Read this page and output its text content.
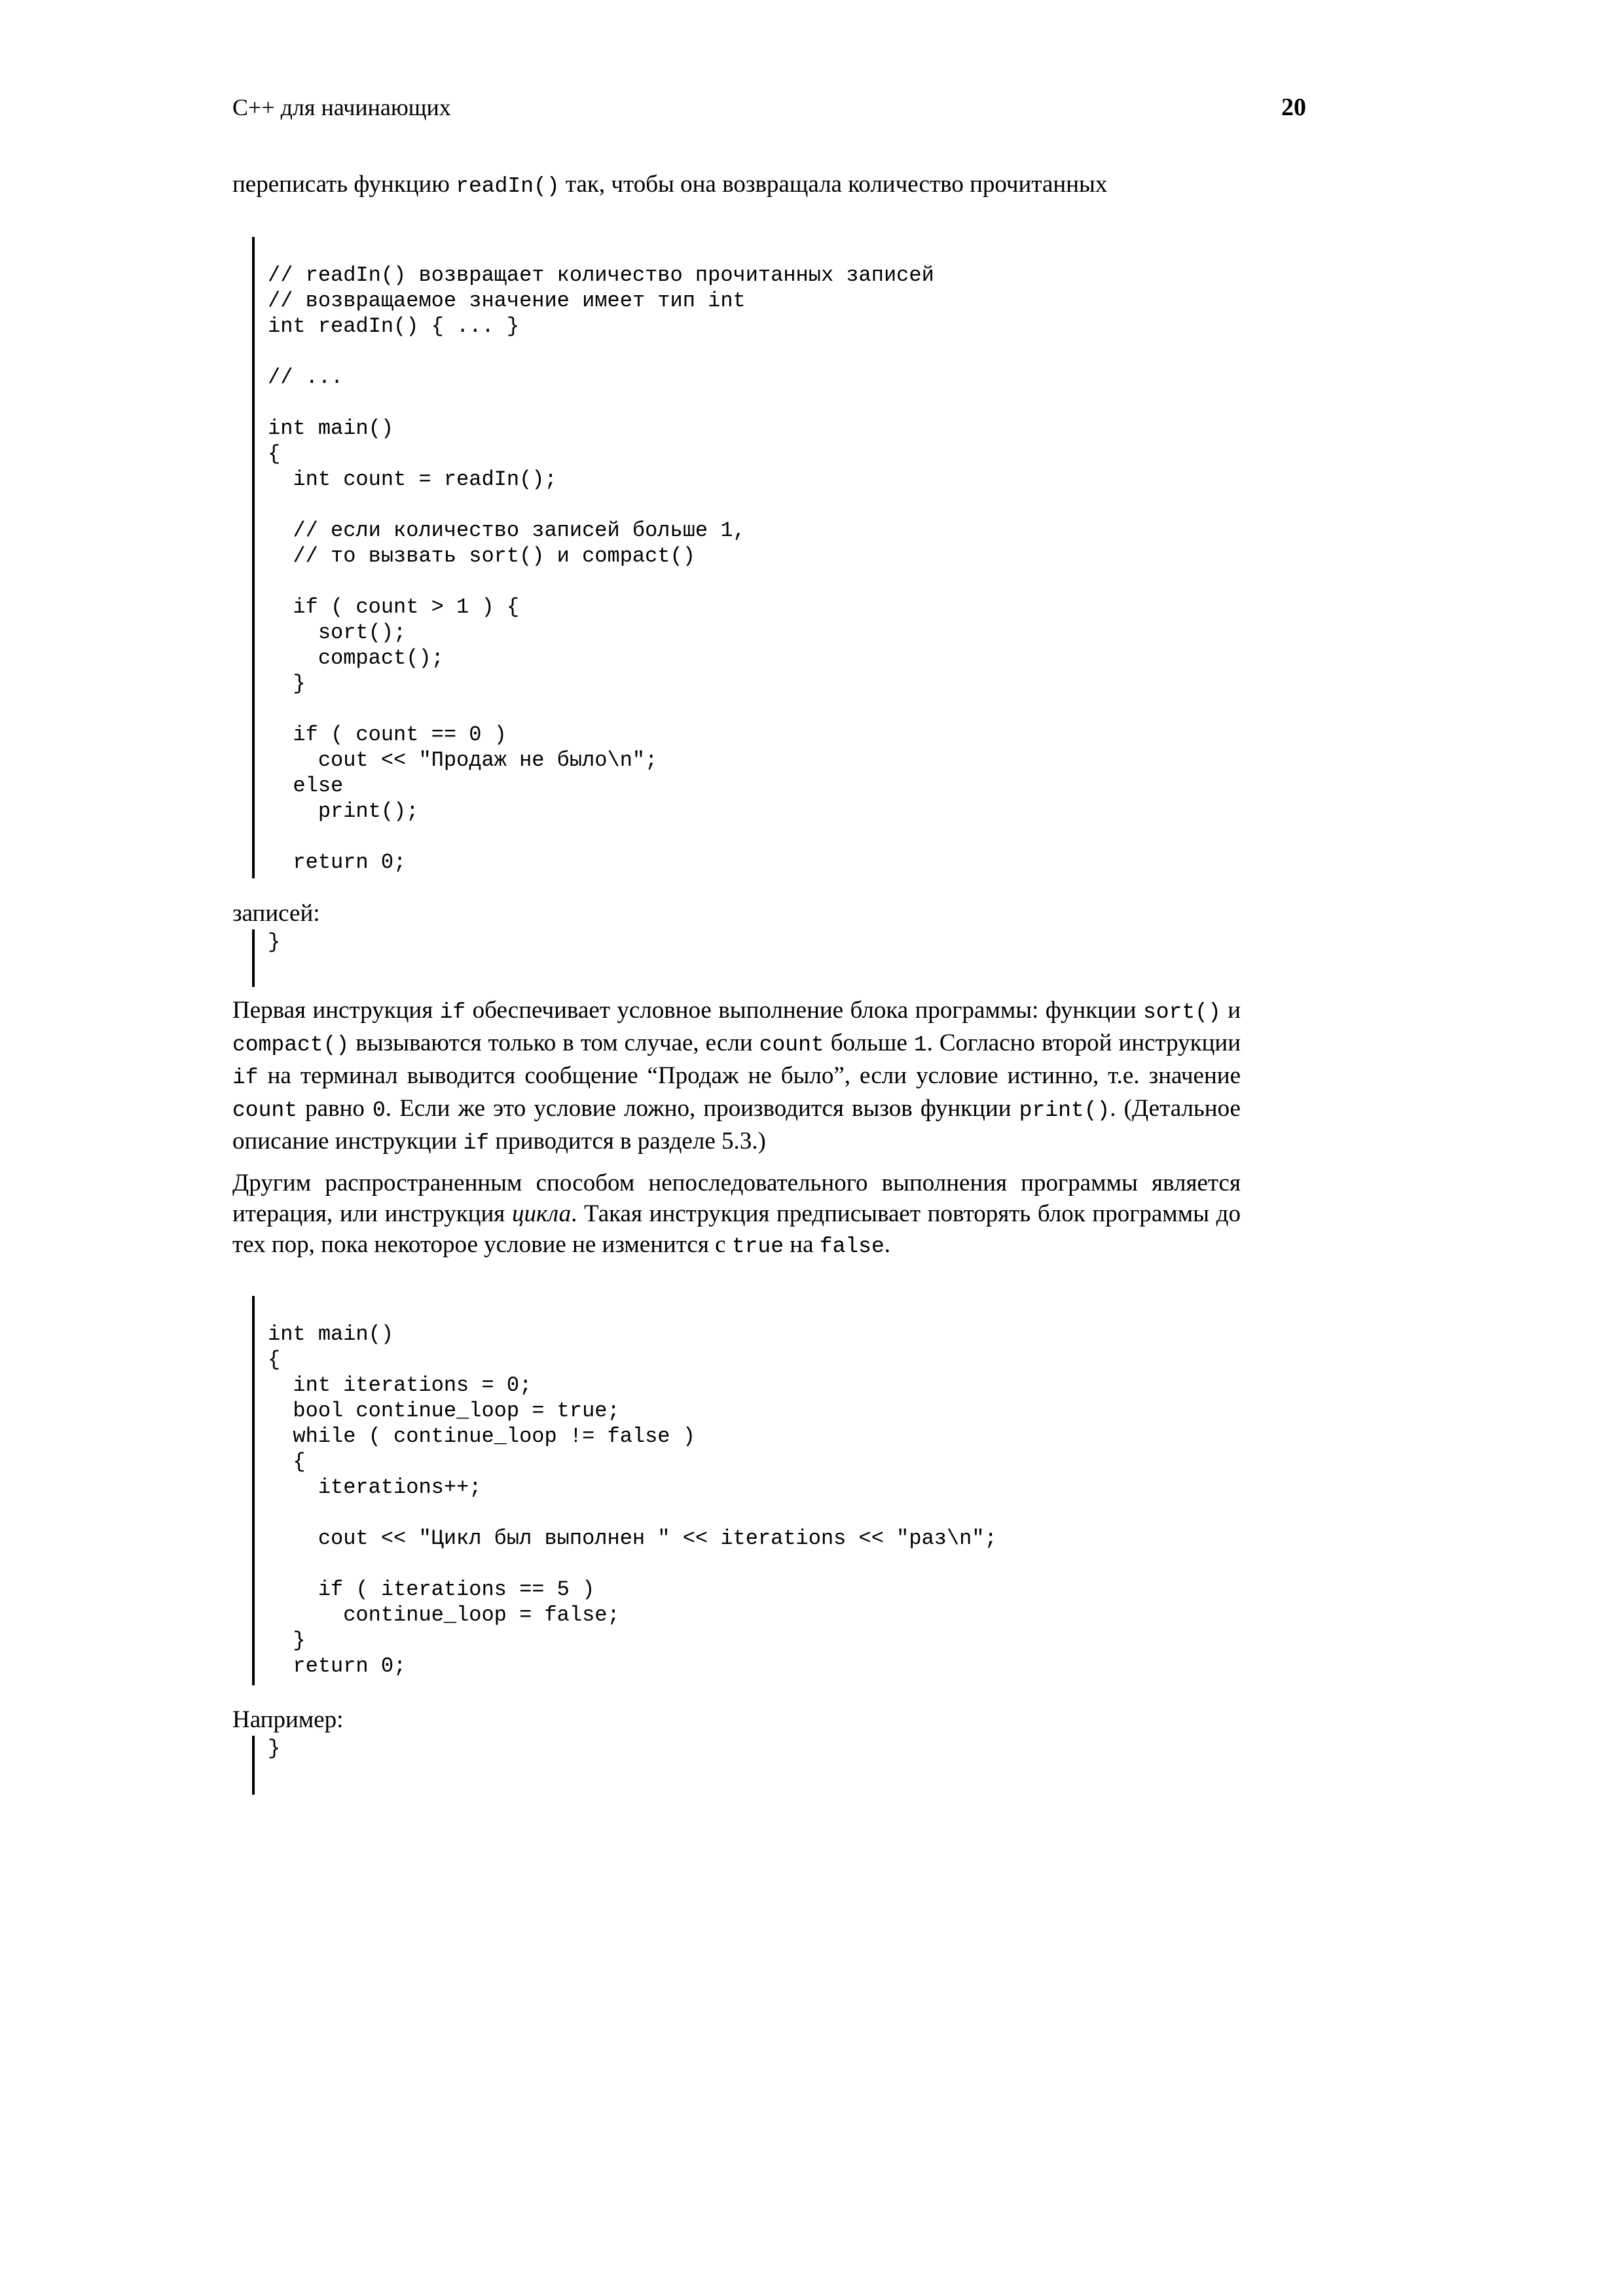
C++ для начинающих	20
переписать функцию readIn() так, чтобы она возвращала количество прочитанных

// readIn() возвращает количество прочитанных записей
// возвращаемое значение имеет тип int
int readIn() { ... }

// ...

int main()
{
int count = readIn();

// если количество записей больше 1,
// то вызвать sort() и compact()

if ( count > 1 ) {
sort();
compact();
}

if ( count == 0 )
cout << "Продаж не было\n";
else
print();

return 0;
записей:
}
Первая инструкция if обеспечивает условное выполнение блока программы: функции sort() и compact() вызываются только в том случае, если count больше 1. Согласно второй инструкции if на терминал выводится сообщение “Продаж не было”, если условие истинно, т.е. значение count равно 0. Если же это условие ложно, производится вызов функции print(). (Детальное описание инструкции if приводится в разделе 5.3.)
Другим распространенным способом непоследовательного выполнения программы является итерация, или инструкция цикла. Такая инструкция предписывает повторять блок программы до тех пор, пока некоторое условие не изменится с true на false.

int main()
{
int iterations = 0;
bool continue_loop = true;
while ( continue_loop != false )
{
iterations++;

cout << "Цикл был выполнен " << iterations << "раз\n";

if ( iterations == 5 )
continue_loop = false;
}
return 0;
Например:
}
